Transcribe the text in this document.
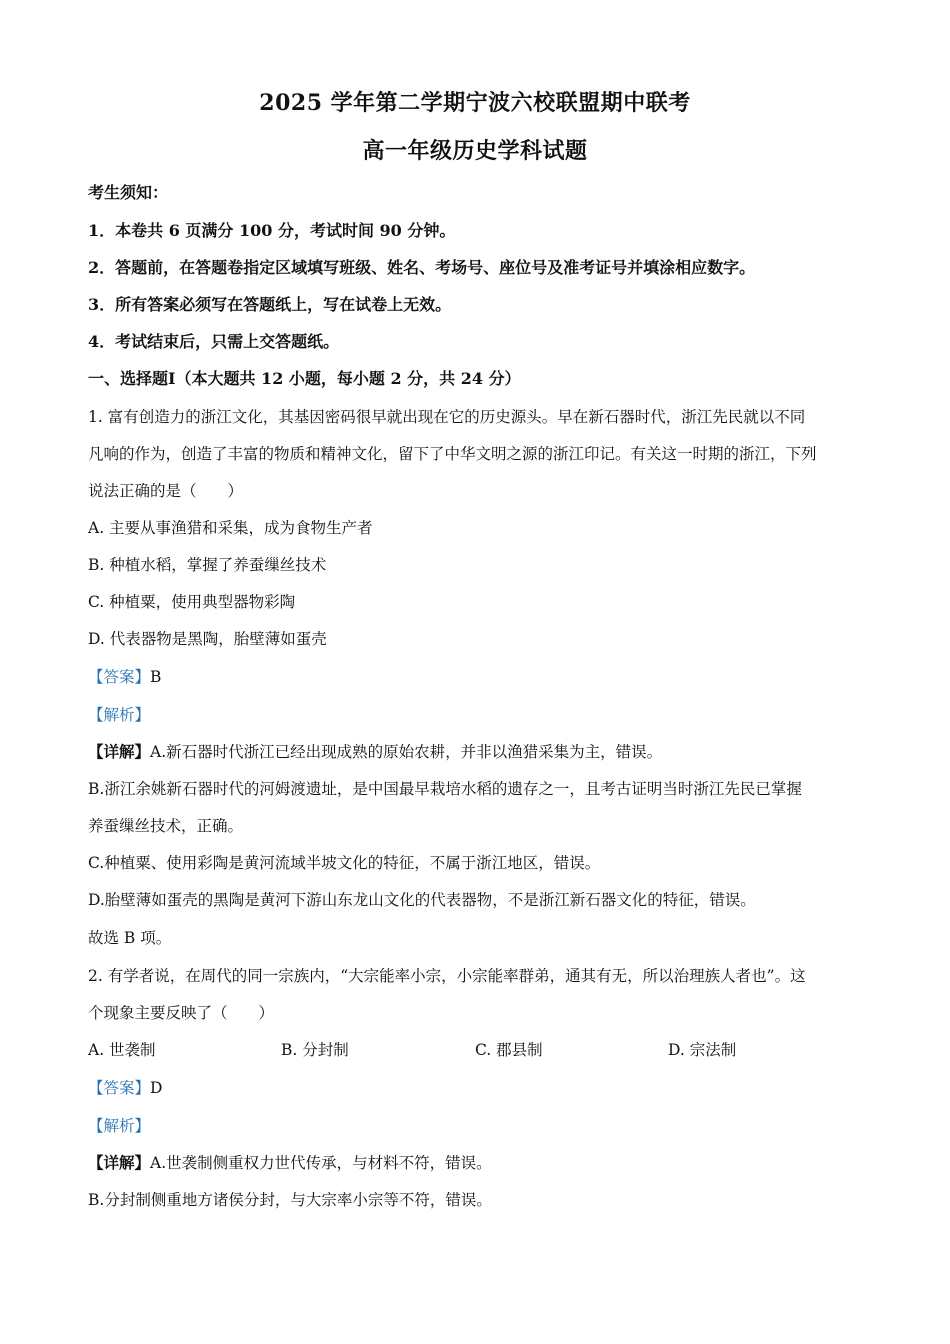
2025 学年第二学期宁波六校联盟期中联考
高一年级历史学科试题
考生须知：
1．本卷共 6 页满分 100 分，考试时间 90 分钟。
2．答题前，在答题卷指定区域填写班级、姓名、考场号、座位号及准考证号并填涂相应数字。
3．所有答案必须写在答题纸上，写在试卷上无效。
4．考试结束后，只需上交答题纸。
一、选择题Ⅰ（本大题共 12 小题，每小题 2 分，共 24 分）
1. 富有创造力的浙江文化，其基因密码很早就出现在它的历史源头。早在新石器时代，浙江先民就以不同
凡响的作为，创造了丰富的物质和精神文化，留下了中华文明之源的浙江印记。有关这一时期的浙江，下列
说法正确的是（　　）
A. 主要从事渔猎和采集，成为食物生产者
B. 种植水稻，掌握了养蚕缫丝技术
C. 种植粟，使用典型器物彩陶
D. 代表器物是黑陶，胎壁薄如蛋壳
【答案】B
【解析】
【详解】A.新石器时代浙江已经出现成熟的原始农耕，并非以渔猎采集为主，错误。
B.浙江余姚新石器时代的河姆渡遗址，是中国最早栽培水稻的遗存之一，且考古证明当时浙江先民已掌握
养蚕缫丝技术，正确。
C.种植粟、使用彩陶是黄河流域半坡文化的特征，不属于浙江地区，错误。
D.胎壁薄如蛋壳的黑陶是黄河下游山东龙山文化的代表器物，不是浙江新石器文化的特征，错误。
故选 B 项。
2. 有学者说，在周代的同一宗族内，“大宗能率小宗，小宗能率群弟，通其有无，所以治理族人者也”。这
个现象主要反映了（　　）
A. 世袭制	B. 分封制	C. 郡县制	D. 宗法制
【答案】D
【解析】
【详解】A.世袭制侧重权力世代传承，与材料不符，错误。
B.分封制侧重地方诸侯分封，与大宗率小宗等不符，错误。
